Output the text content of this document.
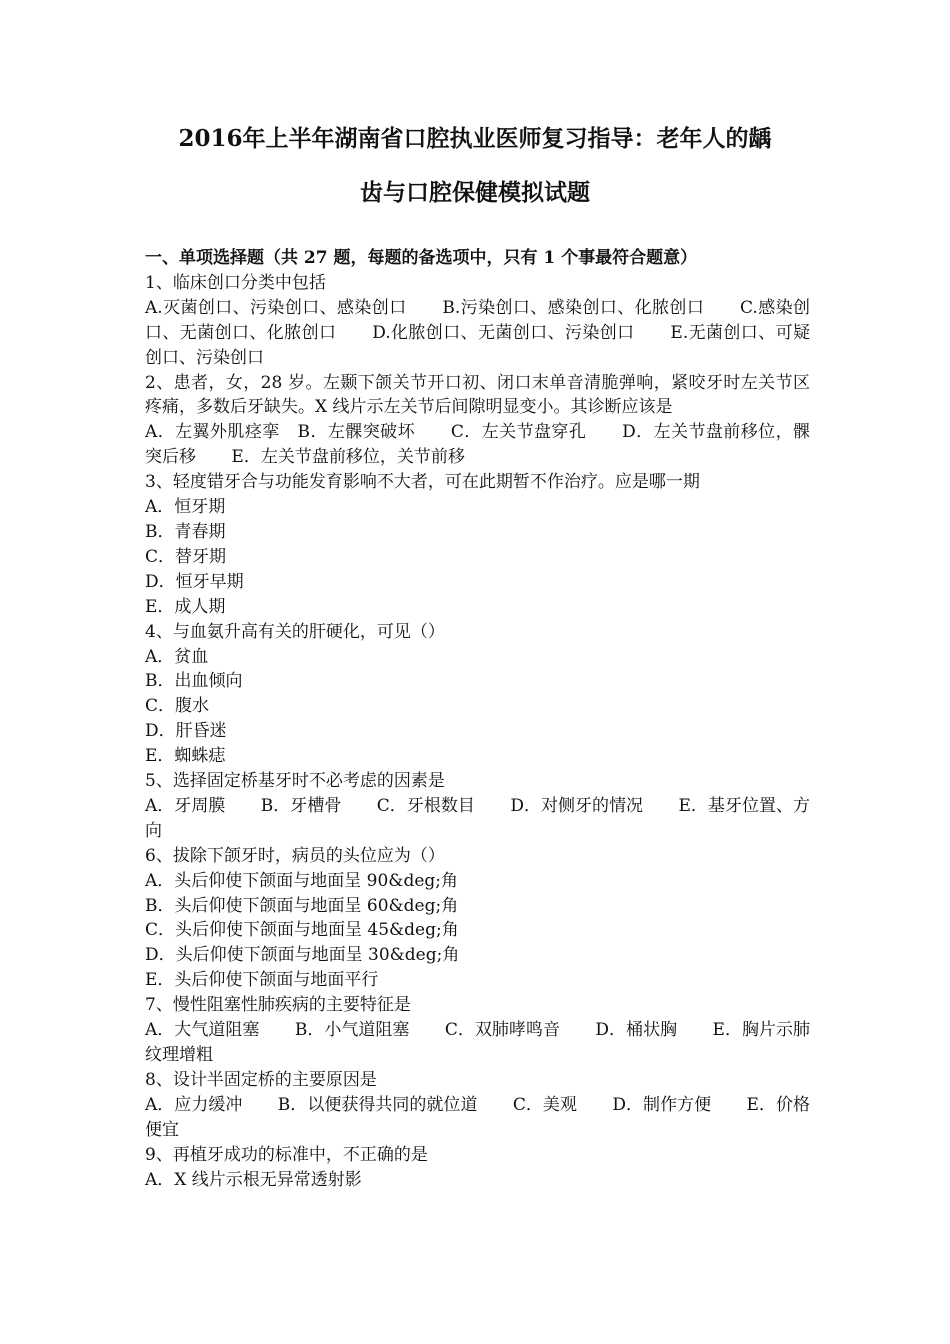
2016年上半年湖南省口腔执业医师复习指导：老年人的龋
齿与口腔保健模拟试题
一、单项选择题（共 27 题，每题的备选项中，只有 1 个事最符合题意）
1、临床创口分类中包括
A.灭菌创口、污染创口、感染创口 B.污染创口、感染创口、化脓创口 C.感染创口、无菌创口、化脓创口 D.化脓创口、无菌创口、污染创口 E.无菌创口、可疑创口、污染创口
2、患者，女，28 岁。左颞下颌关节开口初、闭口末单音清脆弹响，紧咬牙时左关节区疼痛，多数后牙缺失。X 线片示左关节后间隙明显变小。其诊断应该是
A．左翼外肌痉挛 B．左髁突破坏 C．左关节盘穿孔 D．左关节盘前移位，髁突后移 E．左关节盘前移位，关节前移
3、轻度错牙合与功能发育影响不大者，可在此期暂不作治疗。应是哪一期
A．恒牙期
B．青春期
C．替牙期
D．恒牙早期
E．成人期
4、与血氨升高有关的肝硬化，可见（）
A．贫血
B．出血倾向
C．腹水
D．肝昏迷
E．蜘蛛痣
5、选择固定桥基牙时不必考虑的因素是
A．牙周膜 B．牙槽骨 C．牙根数目 D．对侧牙的情况 E．基牙位置、方向
6、拔除下颌牙时，病员的头位应为（）
A．头后仰使下颌面与地面呈 90&deg;角
B．头后仰使下颌面与地面呈 60&deg;角
C．头后仰使下颌面与地面呈 45&deg;角
D．头后仰使下颌面与地面呈 30&deg;角
E．头后仰使下颌面与地面平行
7、慢性阻塞性肺疾病的主要特征是
A．大气道阻塞 B．小气道阻塞 C．双肺哮鸣音 D．桶状胸 E．胸片示肺纹理增粗
8、设计半固定桥的主要原因是
A．应力缓冲 B．以便获得共同的就位道 C．美观 D．制作方便 E．价格便宜
9、再植牙成功的标准中，不正确的是
A．X 线片示根无异常透射影
